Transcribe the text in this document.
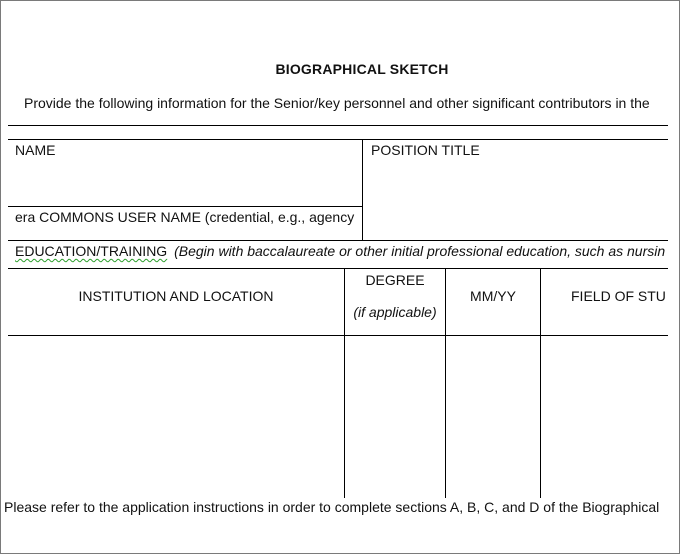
BIOGRAPHICAL SKETCH
Provide the following information for the Senior/key personnel and other significant contributors in the
NAME	POSITION TITLE
era COMMONS USER NAME (credential, e.g., agency
EDUCATION/TRAINING (Begin with baccalaureate or other initial professional education, such as nursin
INSTITUTION AND LOCATION
DEGREE
(if applicable)
MM/YY	FIELD OF STU
Please refer to the application instructions in order to complete sections A, B, C, and D of the Biographical
